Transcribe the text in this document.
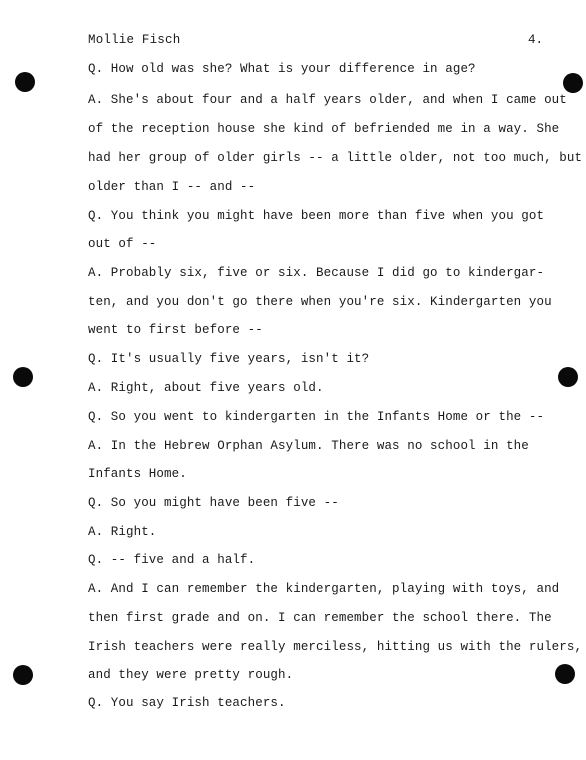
Mollie Fisch	4.
Q. How old was she? What is your difference in age?
A. She's about four and a half years older, and when I came out
of the reception house she kind of befriended me in a way. She
had her group of older girls -- a little older, not too much, but
older than I -- and --
Q. You think you might have been more than five when you got
out of --
A. Probably six, five or six. Because I did go to kindergar-
ten, and you don't go there when you're six. Kindergarten you
went to first before --
Q. It's usually five years, isn't it?
A. Right, about five years old.
Q. So you went to kindergarten in the Infants Home or the --
A. In the Hebrew Orphan Asylum. There was no school in the
Infants Home.
Q. So you might have been five --
A. Right.
Q. -- five and a half.
A. And I can remember the kindergarten, playing with toys, and
then first grade and on. I can remember the school there. The
Irish teachers were really merciless, hitting us with the rulers,
and they were pretty rough.
Q. You say Irish teachers.
